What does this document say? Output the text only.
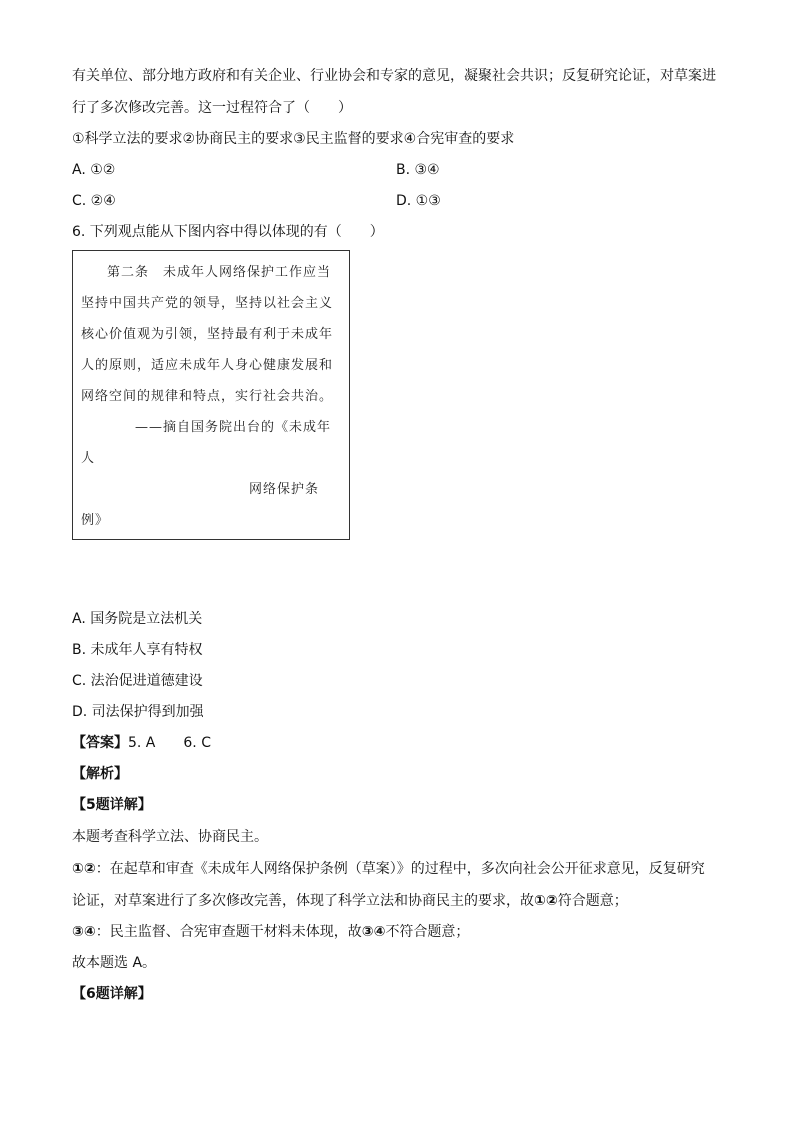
有关单位、部分地方政府和有关企业、行业协会和专家的意见，凝聚社会共识；反复研究论证，对草案进
行了多次修改完善。这一过程符合了（　　）
①科学立法的要求②协商民主的要求③民主监督的要求④合宪审查的要求
A. ①②	B. ③④
C. ②④	D. ①③
6. 下列观点能从下图内容中得以体现的有（　　）
第二条　未成年人网络保护工作应当
坚持中国共产党的领导，坚持以社会主义
核心价值观为引领，坚持最有利于未成年
人的原则，适应未成年人身心健康发展和
网络空间的规律和特点，实行社会共治。
——摘自国务院出台的《未成年
人
网络保护条
例》
A. 国务院是立法机关
B. 未成年人享有特权
C. 法治促进道德建设
D. 司法保护得到加强
【答案】5. A　　6. C
【解析】
【5题详解】
本题考查科学立法、协商民主。
①②：在起草和审查《未成年人网络保护条例（草案）》的过程中，多次向社会公开征求意见，反复研究
论证，对草案进行了多次修改完善，体现了科学立法和协商民主的要求，故①②符合题意；
③④：民主监督、合宪审查题干材料未体现，故③④不符合题意；
故本题选 A。
【6题详解】
